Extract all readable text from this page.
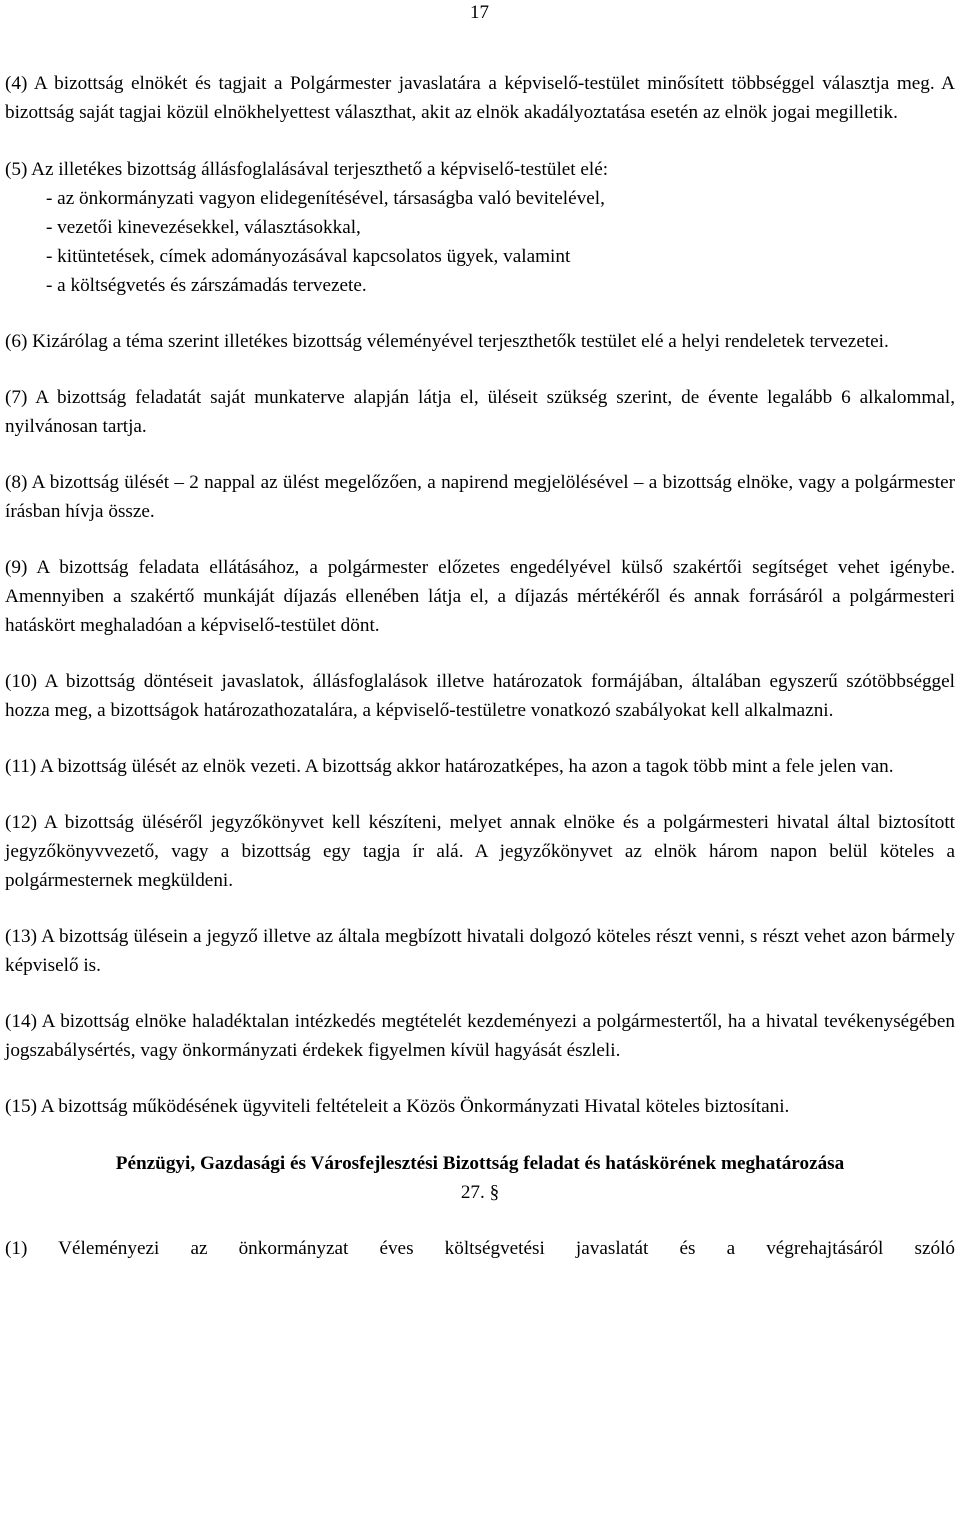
17

(4) A bizottság elnökét és tagjait a Polgármester javaslatára a képviselő-testület minősített többséggel választja meg. A bizottság saját tagjai közül elnökhelyettest választhat, akit az elnök akadályoztatása esetén az elnök jogai megilletik.

(5) Az illetékes bizottság állásfoglalásával terjeszthető a képviselő-testület elé:

- az önkormányzati vagyon elidegenítésével, társaságba való bevitelével,
- vezetői kinevezésekkel, választásokkal,
- kitüntetések, címek adományozásával kapcsolatos ügyek, valamint
- a költségvetés és zárszámadás tervezete.

(6) Kizárólag a téma szerint illetékes bizottság véleményével terjeszthetők testület elé a helyi rendeletek tervezetei.

(7) A bizottság feladatát saját munkaterve alapján látja el, üléseit szükség szerint, de évente legalább 6 alkalommal, nyilvánosan tartja.

(8) A bizottság ülését – 2 nappal az ülést megelőzően, a napirend megjelölésével – a bizottság elnöke, vagy a polgármester írásban hívja össze.

(9) A bizottság feladata ellátásához, a polgármester előzetes engedélyével külső szakértői segítséget vehet igénybe. Amennyiben a szakértő munkáját díjazás ellenében látja el, a díjazás mértékéről és annak forrásáról a polgármesteri hatáskört meghaladóan a képviselő-testület dönt.

(10) A bizottság döntéseit javaslatok, állásfoglalások illetve határozatok formájában, általában egyszerű szótöbbséggel hozza meg, a bizottságok határozathozatalára, a képviselő-testületre vonatkozó szabályokat kell alkalmazni.

(11) A bizottság ülését az elnök vezeti. A bizottság akkor határozatképes, ha azon a tagok több mint a fele jelen van.

(12) A bizottság üléséről jegyzőkönyvet kell készíteni, melyet annak elnöke és a polgármesteri hivatal által biztosított jegyzőkönyvvezető, vagy a bizottság egy tagja ír alá. A jegyzőkönyvet az elnök három napon belül köteles a polgármesternek megküldeni.

(13) A bizottság ülésein a jegyző illetve az általa megbízott hivatali dolgozó köteles részt venni, s részt vehet azon bármely képviselő is.

(14) A bizottság elnöke haladéktalan intézkedés megtételét kezdeményezi a polgármestertől, ha a hivatal tevékenységében jogszabálysértés, vagy önkormányzati érdekek figyelmen kívül hagyását észleli.

(15) A bizottság működésének ügyviteli feltételeit a Közös Önkormányzati Hivatal köteles biztosítani.

Pénzügyi, Gazdasági és Városfejlesztési Bizottság feladat és hatáskörének meghatározása
27. §

(1) Véleményezi az önkormányzat éves költségvetési javaslatát és a végrehajtásáról szóló
